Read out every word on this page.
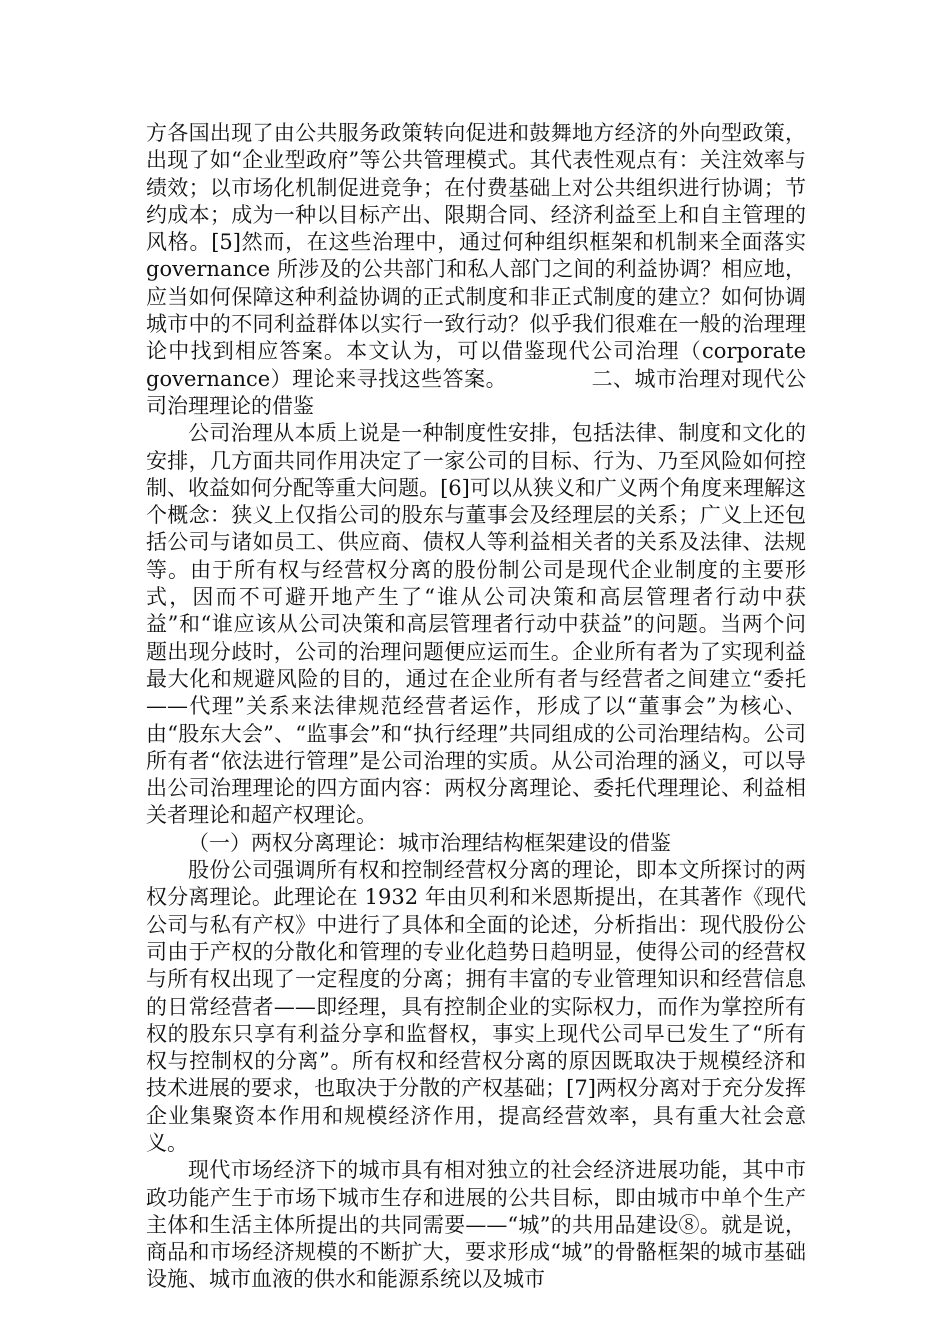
方各国出现了由公共服务政策转向促进和鼓舞地方经济的外向型政策，出现了如“企业型政府”等公共管理模式。其代表性观点有：关注效率与绩效；以市场化机制促进竞争；在付费基础上对公共组织进行协调；节约成本；成为一种以目标产出、限期合同、经济利益至上和自主管理的风格。[5]然而，在这些治理中，通过何种组织框架和机制来全面落实 governance 所涉及的公共部门和私人部门之间的利益协调？相应地，应当如何保障这种利益协调的正式制度和非正式制度的建立？如何协调城市中的不同利益群体以实行一致行动？似乎我们很难在一般的治理理论中找到相应答案。本文认为，可以借鉴现代公司治理（corporate governance）理论来寻找这些答案。	二、城市治理对现代公司治理理论的借鉴

公司治理从本质上说是一种制度性安排，包括法律、制度和文化的安排，几方面共同作用决定了一家公司的目标、行为、乃至风险如何控制、收益如何分配等重大问题。[6]可以从狭义和广义两个角度来理解这个概念：狭义上仅指公司的股东与董事会及经理层的关系；广义上还包括公司与诸如员工、供应商、债权人等利益相关者的关系及法律、法规等。由于所有权与经营权分离的股份制公司是现代企业制度的主要形式，因而不可避开地产生了“谁从公司决策和高层管理者行动中获益”和“谁应该从公司决策和高层管理者行动中获益”的问题。当两个问题出现分歧时，公司的治理问题便应运而生。企业所有者为了实现利益最大化和规避风险的目的，通过在企业所有者与经营者之间建立“委托——代理”关系来法律规范经营者运作，形成了以“董事会”为核心、由“股东大会”、“监事会”和“执行经理”共同组成的公司治理结构。公司所有者“依法进行管理”是公司治理的实质。从公司治理的涵义，可以导出公司治理理论的四方面内容：两权分离理论、委托代理理论、利益相关者理论和超产权理论。

（一）两权分离理论：城市治理结构框架建设的借鉴

股份公司强调所有权和控制经营权分离的理论，即本文所探讨的两权分离理论。此理论在 1932 年由贝利和米恩斯提出，在其著作《现代公司与私有产权》中进行了具体和全面的论述，分析指出：现代股份公司由于产权的分散化和管理的专业化趋势日趋明显，使得公司的经营权与所有权出现了一定程度的分离；拥有丰富的专业管理知识和经营信息的日常经营者——即经理，具有控制企业的实际权力，而作为掌控所有权的股东只享有利益分享和监督权，事实上现代公司早已发生了“所有权与控制权的分离”。所有权和经营权分离的原因既取决于规模经济和技术进展的要求，也取决于分散的产权基础；[7]两权分离对于充分发挥企业集聚资本作用和规模经济作用，提高经营效率，具有重大社会意义。

现代市场经济下的城市具有相对独立的社会经济进展功能，其中市政功能产生于市场下城市生存和进展的公共目标，即由城市中单个生产主体和生活主体所提出的共同需要——“城”的共用品建设⑧。就是说，商品和市场经济规模的不断扩大，要求形成“城”的骨骼框架的城市基础设施、城市血液的供水和能源系统以及城市
